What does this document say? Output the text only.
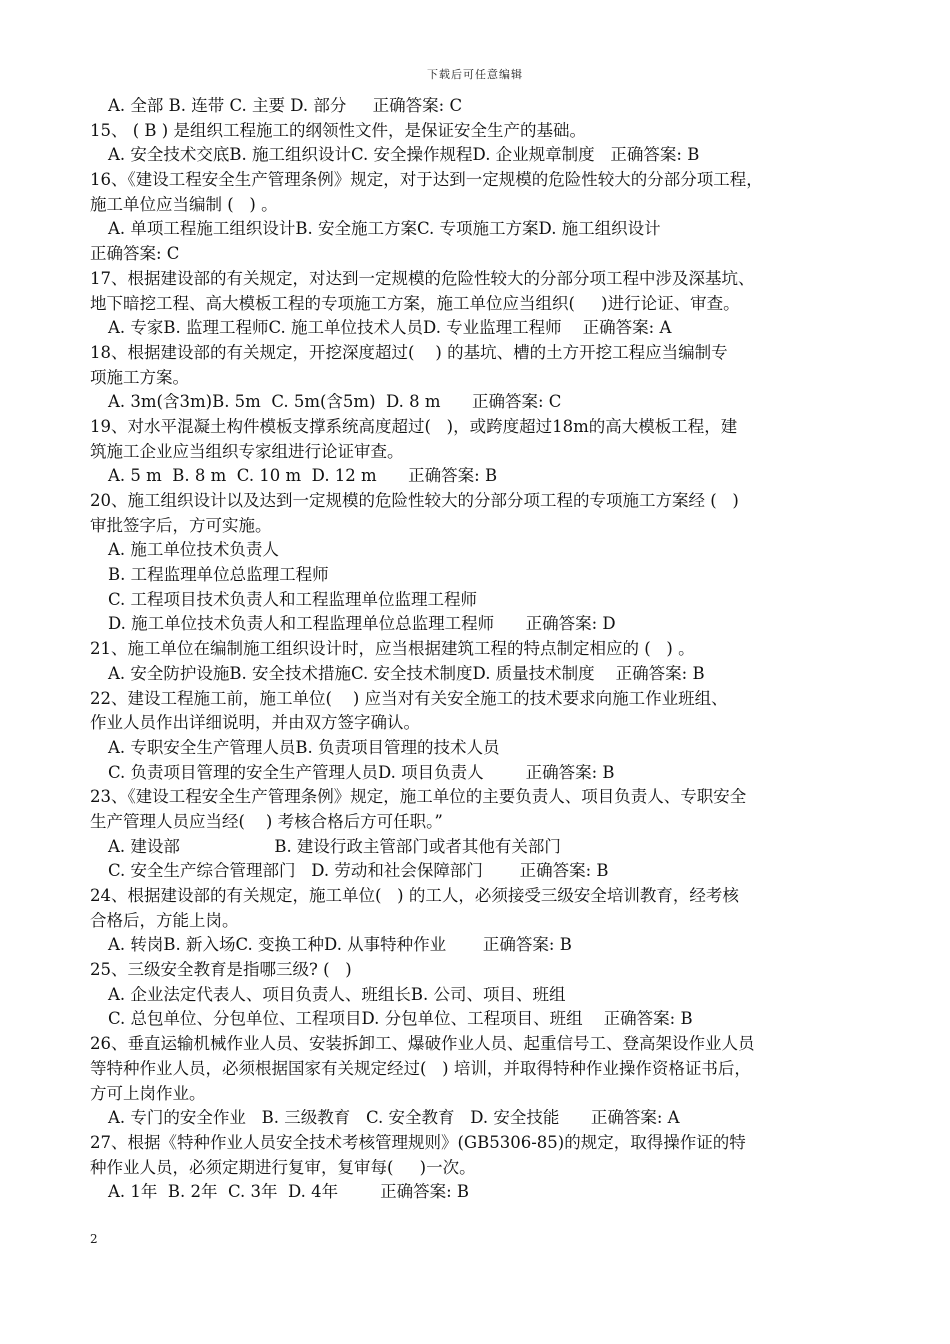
下载后可任意编辑
A. 全部 B. 连带 C. 主要 D. 部分     正确答案: C
15、 ( B ) 是组织工程施工的纲领性文件，是保证安全生产的基础。
A. 安全技术交底B. 施工组织设计C. 安全操作规程D. 企业规章制度   正确答案: B
16、《建设工程安全生产管理条例》规定，对于达到一定规模的危险性较大的分部分项工程，
施工单位应当编制 (   ) 。
A. 单项工程施工组织设计B. 安全施工方案C. 专项施工方案D. 施工组织设计
正确答案: C
17、根据建设部的有关规定，对达到一定规模的危险性较大的分部分项工程中涉及深基坑、
地下暗挖工程、高大模板工程的专项施工方案，施工单位应当组织(     )进行论证、审查。
A. 专家B. 监理工程师C. 施工单位技术人员D. 专业监理工程师    正确答案: A
18、根据建设部的有关规定，开挖深度超过(    ) 的基坑、槽的土方开挖工程应当编制专
项施工方案。
A. 3m(含3m)B. 5m  C. 5m(含5m)  D. 8 m      正确答案: C
19、对水平混凝土构件模板支撑系统高度超过(   )，或跨度超过18m的高大模板工程，建
筑施工企业应当组织专家组进行论证审查。
A. 5 m  B. 8 m  C. 10 m  D. 12 m      正确答案: B
20、施工组织设计以及达到一定规模的危险性较大的分部分项工程的专项施工方案经 (   )
审批签字后，方可实施。
A. 施工单位技术负责人
B. 工程监理单位总监理工程师
C. 工程项目技术负责人和工程监理单位监理工程师
D. 施工单位技术负责人和工程监理单位总监理工程师      正确答案: D
21、施工单位在编制施工组织设计时，应当根据建筑工程的特点制定相应的 (   ) 。
A. 安全防护设施B. 安全技术措施C. 安全技术制度D. 质量技术制度    正确答案: B
22、建设工程施工前，施工单位(    ) 应当对有关安全施工的技术要求向施工作业班组、
作业人员作出详细说明，并由双方签字确认。
A. 专职安全生产管理人员B. 负责项目管理的技术人员
C. 负责项目管理的安全生产管理人员D. 项目负责人        正确答案: B
23、《建设工程安全生产管理条例》规定，施工单位的主要负责人、项目负责人、专职安全
生产管理人员应当经(    ) 考核合格后方可任职。”
A. 建设部                  B. 建设行政主管部门或者其他有关部门
C. 安全生产综合管理部门   D. 劳动和社会保障部门       正确答案: B
24、根据建设部的有关规定，施工单位(   ) 的工人，必须接受三级安全培训教育，经考核
合格后，方能上岗。
A. 转岗B. 新入场C. 变换工种D. 从事特种作业       正确答案: B
25、三级安全教育是指哪三级? (   )
A. 企业法定代表人、项目负责人、班组长B. 公司、项目、班组
C. 总包单位、分包单位、工程项目D. 分包单位、工程项目、班组    正确答案: B
26、垂直运输机械作业人员、安装拆卸工、爆破作业人员、起重信号工、登高架设作业人员
等特种作业人员，必须根据国家有关规定经过(   ) 培训，并取得特种作业操作资格证书后，
方可上岗作业。
A. 专门的安全作业   B. 三级教育   C. 安全教育   D. 安全技能      正确答案: A
27、根据《特种作业人员安全技术考核管理规则》(GB5306-85)的规定，取得操作证的特
种作业人员，必须定期进行复审，复审每(     )一次。
A. 1年  B. 2年  C. 3年  D. 4年        正确答案: B
2
